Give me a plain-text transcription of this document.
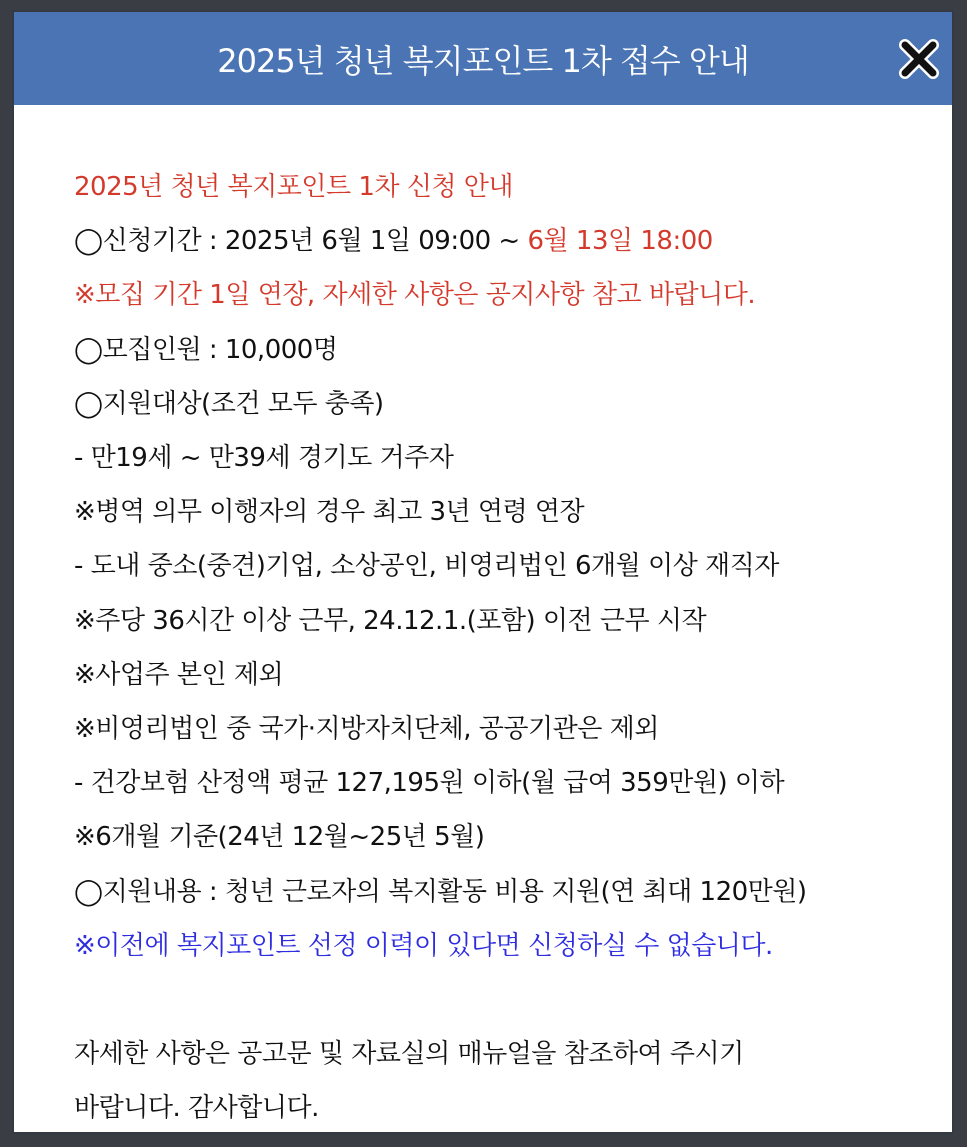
2025년 청년 복지포인트 1차 접수 안내
2025년 청년 복지포인트 1차 신청 안내
◯신청기간 : 2025년 6월 1일 09:00 ~ 6월 13일 18:00
※모집 기간 1일 연장, 자세한 사항은 공지사항 참고 바랍니다.
◯모집인원 : 10,000명
◯지원대상(조건 모두 충족)
- 만19세 ~ 만39세 경기도 거주자
※병역 의무 이행자의 경우 최고 3년 연령 연장
- 도내 중소(중견)기업, 소상공인, 비영리법인 6개월 이상 재직자
※주당 36시간 이상 근무, 24.12.1.(포함) 이전 근무 시작
※사업주 본인 제외
※비영리법인 중 국가·지방자치단체, 공공기관은 제외
- 건강보험 산정액 평균 127,195원 이하(월 급여 359만원) 이하
※6개월 기준(24년 12월~25년 5월)
◯지원내용 : 청년 근로자의 복지활동 비용 지원(연 최대 120만원)
※이전에 복지포인트 선정 이력이 있다면 신청하실 수 없습니다.
자세한 사항은 공고문 및 자료실의 매뉴얼을 참조하여 주시기
바랍니다. 감사합니다.
